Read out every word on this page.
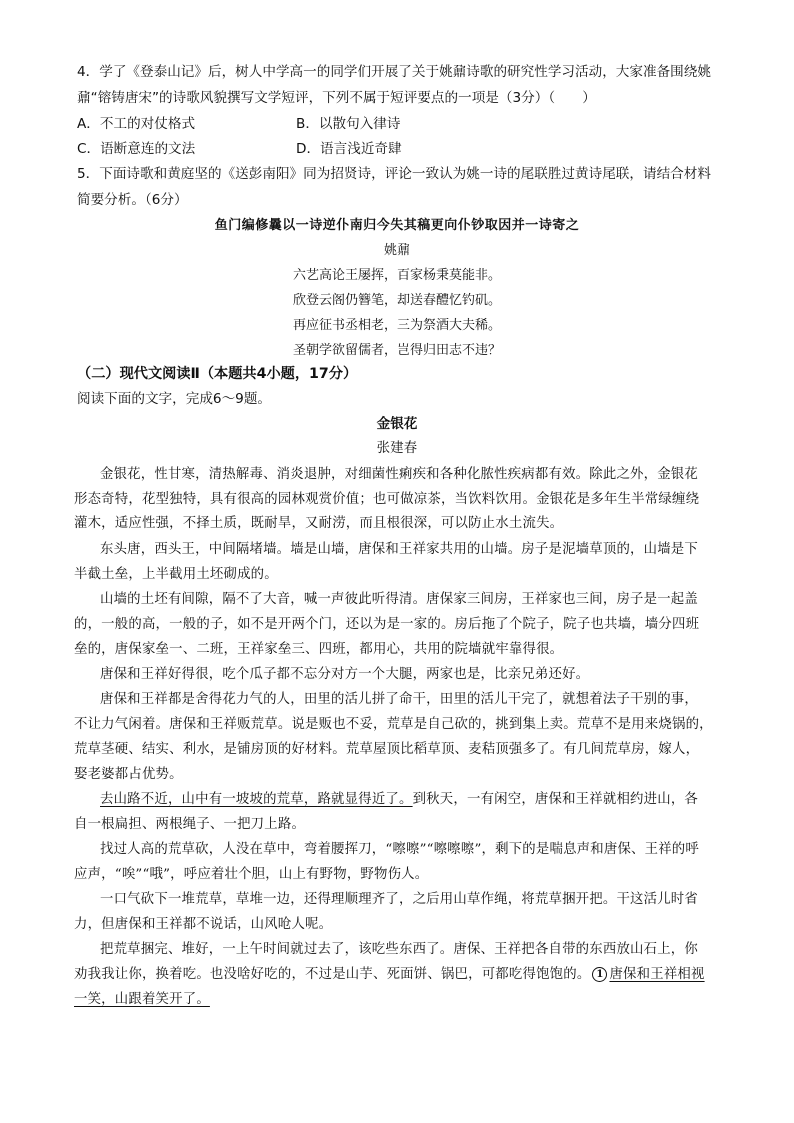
4．学了《登泰山记》后，树人中学高一的同学们开展了关于姚鼐诗歌的研究性学习活动，大家准备围绕姚
鼐“镕铸唐宋”的诗歌风貌撰写文学短评，下列不属于短评要点的一项是（3分）（　　）
A．不工的对仗格式	B．以散句入律诗
C．语断意连的文法	D．语言浅近奇肆
5．下面诗歌和黄庭坚的《送彭南阳》同为招贤诗，评论一致认为姚一诗的尾联胜过黄诗尾联，请结合材料
简要分析。（6分）
鱼门编修曩以一诗逆仆南归今失其稿更向仆钞取因并一诗寄之
姚鼐
六艺高论王屡挥，百家杨秉莫能非。
欣登云阁仍簪笔，却送春醴忆钓矶。
再应征书丞相老，三为祭酒大夫稀。
圣朝学欲留儒者，岂得归田志不违？
（二）现代文阅读Ⅱ（本题共4小题，17分）
阅读下面的文字，完成6～9题。
金银花
张建春
金银花，性甘寒，清热解毒、消炎退肿，对细菌性痢疾和各种化脓性疾病都有效。除此之外，金银花
形态奇特，花型独特，具有很高的园林观赏价值；也可做凉茶，当饮料饮用。金银花是多年生半常绿缠绕
灌木，适应性强，不择土质，既耐旱，又耐涝，而且根很深，可以防止水土流失。
东头唐，西头王，中间隔堵墙。墙是山墙，唐保和王祥家共用的山墙。房子是泥墙草顶的，山墙是下
半截土垒，上半截用土坯砌成的。
山墙的土坯有间隙，隔不了大音，喊一声彼此听得清。唐保家三间房，王祥家也三间，房子是一起盖
的，一般的高，一般的子，如不是开两个门，还以为是一家的。房后拖了个院子，院子也共墙，墙分四班
垒的，唐保家垒一、二班，王祥家垒三、四班，都用心，共用的院墙就牢靠得很。
唐保和王祥好得很，吃个瓜子都不忘分对方一个大腿，两家也是，比亲兄弟还好。
唐保和王祥都是舍得花力气的人，田里的活儿拼了命干，田里的活儿干完了，就想着法子干别的事，
不让力气闲着。唐保和王祥贩荒草。说是贩也不妥，荒草是自己砍的，挑到集上卖。荒草不是用来烧锅的，
荒草茎硬、结实、利水，是铺房顶的好材料。荒草屋顶比稻草顶、麦秸顶强多了。有几间荒草房，嫁人，
娶老婆都占优势。
去山路不近，山中有一坡坡的荒草，路就显得近了。到秋天，一有闲空，唐保和王祥就相约进山，各
自一根扁担、两根绳子、一把刀上路。
找过人高的荒草砍，人没在草中，弯着腰挥刀，“嚓嚓”“嚓嚓嚓”，剩下的是喘息声和唐保、王祥的呼
应声，“唉”“哦”，呼应着壮个胆，山上有野物，野物伤人。
一口气砍下一堆荒草，草堆一边，还得理顺理齐了，之后用山草作绳，将荒草捆开把。干这活儿时省
力，但唐保和王祥都不说话，山风呛人呢。
把荒草捆完、堆好，一上午时间就过去了，该吃些东西了。唐保、王祥把各自带的东西放山石上，你
劝我我让你，换着吃。也没啥好吃的，不过是山芋、死面饼、锅巴，可都吃得饱饱的。 1 唐保和王祥相视
一笑，山跟着笑开了。
